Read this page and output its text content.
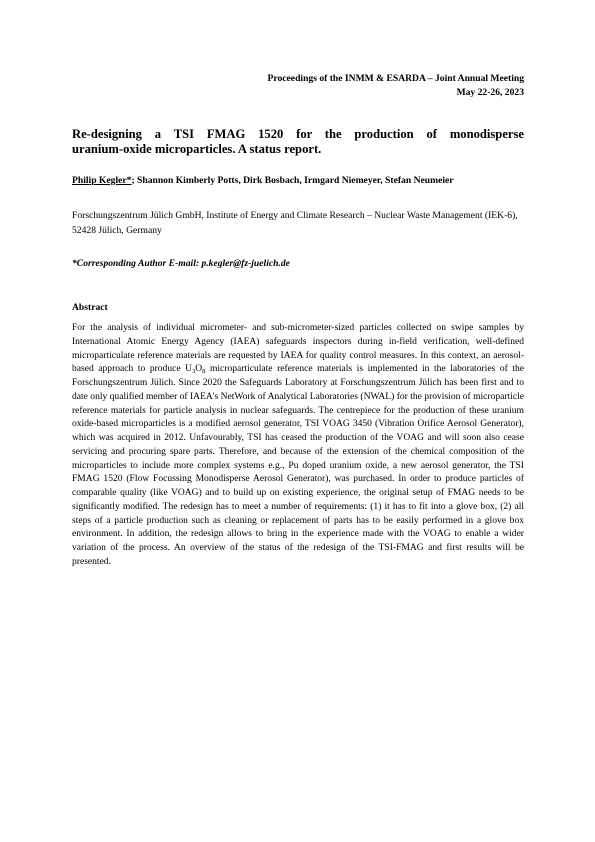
Proceedings of the INMM & ESARDA – Joint Annual Meeting
May 22-26, 2023
Re-designing a TSI FMAG 1520 for the production of monodisperse
uranium-oxide microparticles. A status report.
Philip Kegler*; Shannon Kimberly Potts, Dirk Bosbach, Irmgard Niemeyer, Stefan Neumeier
Forschungszentrum Jülich GmbH, Institute of Energy and Climate Research – Nuclear Waste Management (IEK-6), 52428 Jülich, Germany
*Corresponding Author E-mail: p.kegler@fz-juelich.de
Abstract
For the analysis of individual micrometer- and sub-micrometer-sized particles collected on swipe samples by International Atomic Energy Agency (IAEA) safeguards inspectors during in-field verification, well-defined microparticulate reference materials are requested by IAEA for quality control measures. In this context, an aerosol-based approach to produce $U_3O_8$ microparticulate reference materials is implemented in the laboratories of the Forschungszentrum Jülich. Since 2020 the Safeguards Laboratory at Forschungszentrum Jülich has been first and to date only qualified member of IAEA's NetWork of Analytical Laboratories (NWAL) for the provision of microparticle reference materials for particle analysis in nuclear safeguards. The centrepiece for the production of these uranium oxide-based microparticles is a modified aerosol generator, TSI VOAG 3450 (Vibration Orifice Aerosol Generator), which was acquired in 2012. Unfavourably, TSI has ceased the production of the VOAG and will soon also cease servicing and procuring spare parts. Therefore, and because of the extension of the chemical composition of the microparticles to include more complex systems e.g., Pu doped uranium oxide, a new aerosol generator, the TSI FMAG 1520 (Flow Focussing Monodisperse Aerosol Generator), was purchased. In order to produce particles of comparable quality (like VOAG) and to build up on existing experience, the original setup of FMAG needs to be significantly modified. The redesign has to meet a number of requirements: (1) it has to fit into a glove box, (2) all steps of a particle production such as cleaning or replacement of parts has to be easily performed in a glove box environment. In addition, the redesign allows to bring in the experience made with the VOAG to enable a wider variation of the process. An overview of the status of the redesign of the TSI-FMAG and first results will be presented.
